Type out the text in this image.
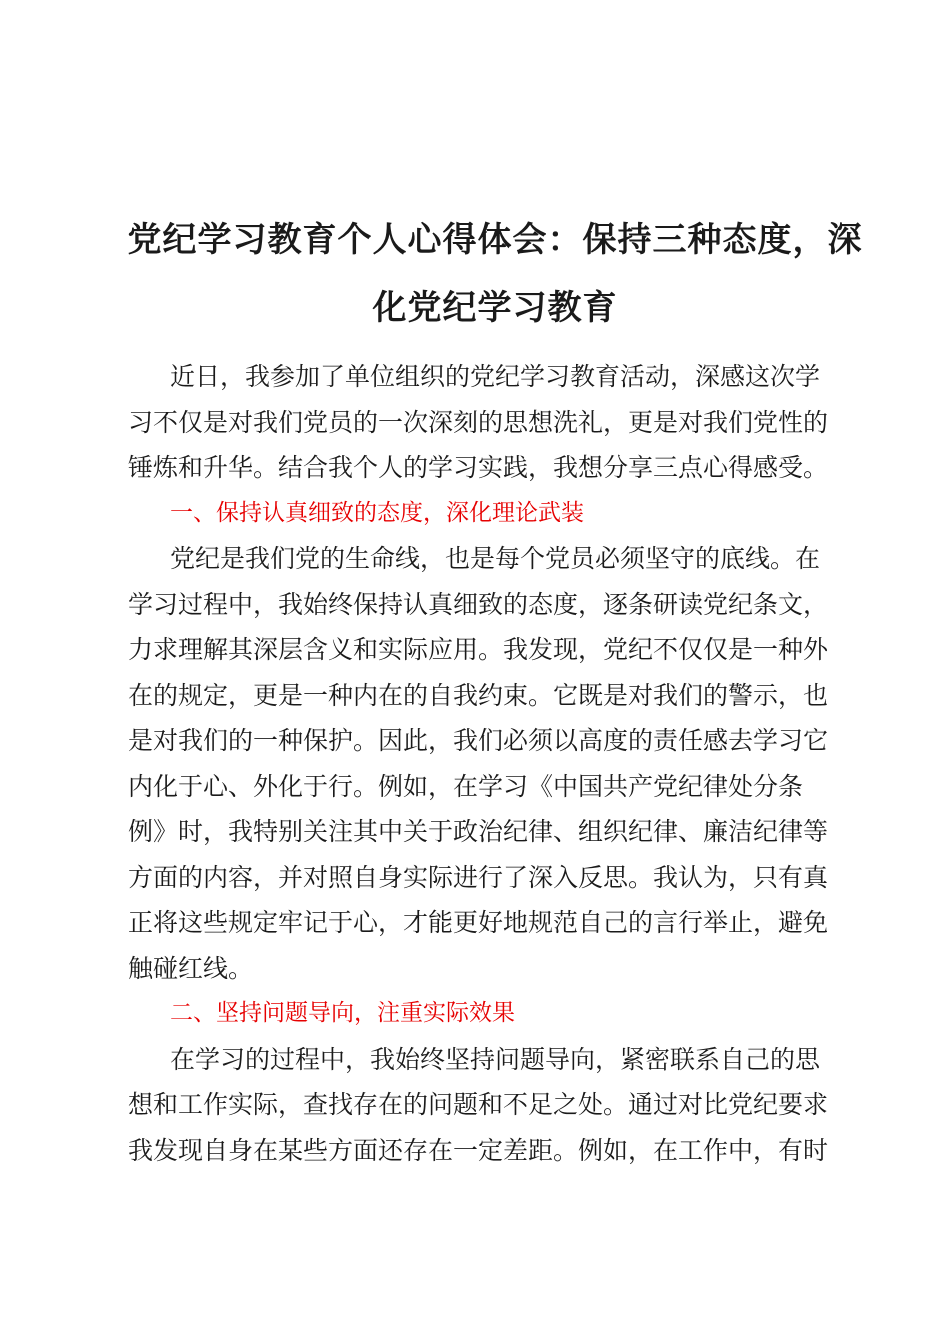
党纪学习教育个人心得体会：保持三种态度，深
化党纪学习教育
近日，我参加了单位组织的党纪学习教育活动，深感这次学
习不仅是对我们党员的一次深刻的思想洗礼，更是对我们党性的
锤炼和升华。结合我个人的学习实践，我想分享三点心得感受。
一、保持认真细致的态度，深化理论武装
党纪是我们党的生命线，也是每个党员必须坚守的底线。在
学习过程中，我始终保持认真细致的态度，逐条研读党纪条文，
力求理解其深层含义和实际应用。我发现，党纪不仅仅是一种外
在的规定，更是一种内在的自我约束。它既是对我们的警示，也
是对我们的一种保护。因此，我们必须以高度的责任感去学习它
内化于心、外化于行。例如，在学习《中国共产党纪律处分条
例》时，我特别关注其中关于政治纪律、组织纪律、廉洁纪律等
方面的内容，并对照自身实际进行了深入反思。我认为，只有真
正将这些规定牢记于心，才能更好地规范自己的言行举止，避免
触碰红线。
二、坚持问题导向，注重实际效果
在学习的过程中，我始终坚持问题导向，紧密联系自己的思
想和工作实际，查找存在的问题和不足之处。通过对比党纪要求
我发现自身在某些方面还存在一定差距。例如，在工作中，有时
